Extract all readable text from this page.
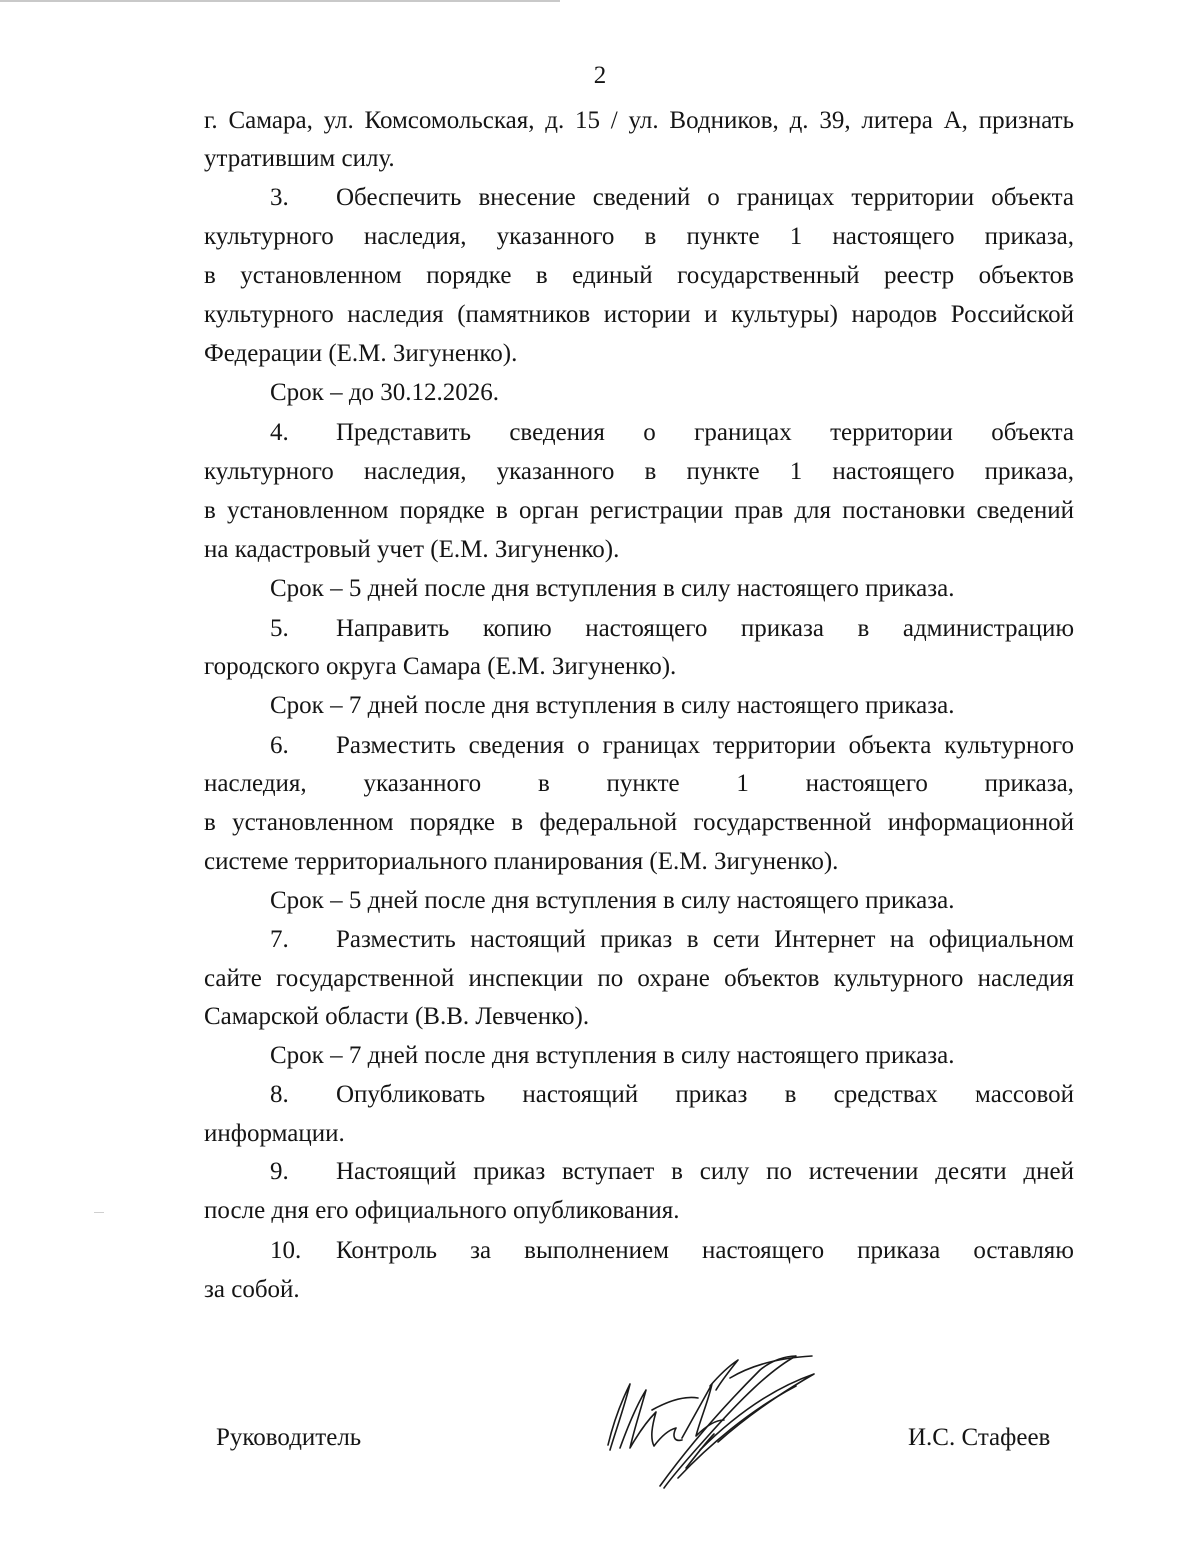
2
г. Самара, ул. Комсомольская, д. 15 / ул. Водников, д. 39, литера А, признать
утратившим силу.
3. Обеспечить внесение сведений о границах территории объекта
культурного наследия, указанного в пункте 1 настоящего приказа,
в установленном порядке в единый государственный реестр объектов
культурного наследия (памятников истории и культуры) народов Российской
Федерации (Е.М. Зигуненко).
Срок – до 30.12.2026.
4. Представить сведения о границах территории объекта
культурного наследия, указанного в пункте 1 настоящего приказа,
в установленном порядке в орган регистрации прав для постановки сведений
на кадастровый учет (Е.М. Зигуненко).
Срок – 5 дней после дня вступления в силу настоящего приказа.
5. Направить копию настоящего приказа в администрацию
городского округа Самара (Е.М. Зигуненко).
Срок – 7 дней после дня вступления в силу настоящего приказа.
6. Разместить сведения о границах территории объекта культурного
наследия, указанного в пункте 1 настоящего приказа,
в установленном порядке в федеральной государственной информационной
системе территориального планирования (Е.М. Зигуненко).
Срок – 5 дней после дня вступления в силу настоящего приказа.
7. Разместить настоящий приказ в сети Интернет на официальном
сайте государственной инспекции по охране объектов культурного наследия
Самарской области (В.В. Левченко).
Срок – 7 дней после дня вступления в силу настоящего приказа.
8. Опубликовать настоящий приказ в средствах массовой
информации.
9. Настоящий приказ вступает в силу по истечении десяти дней
после дня его официального опубликования.
10. Контроль за выполнением настоящего приказа оставляю
за собой.
Руководитель	И.С. Стафеев
